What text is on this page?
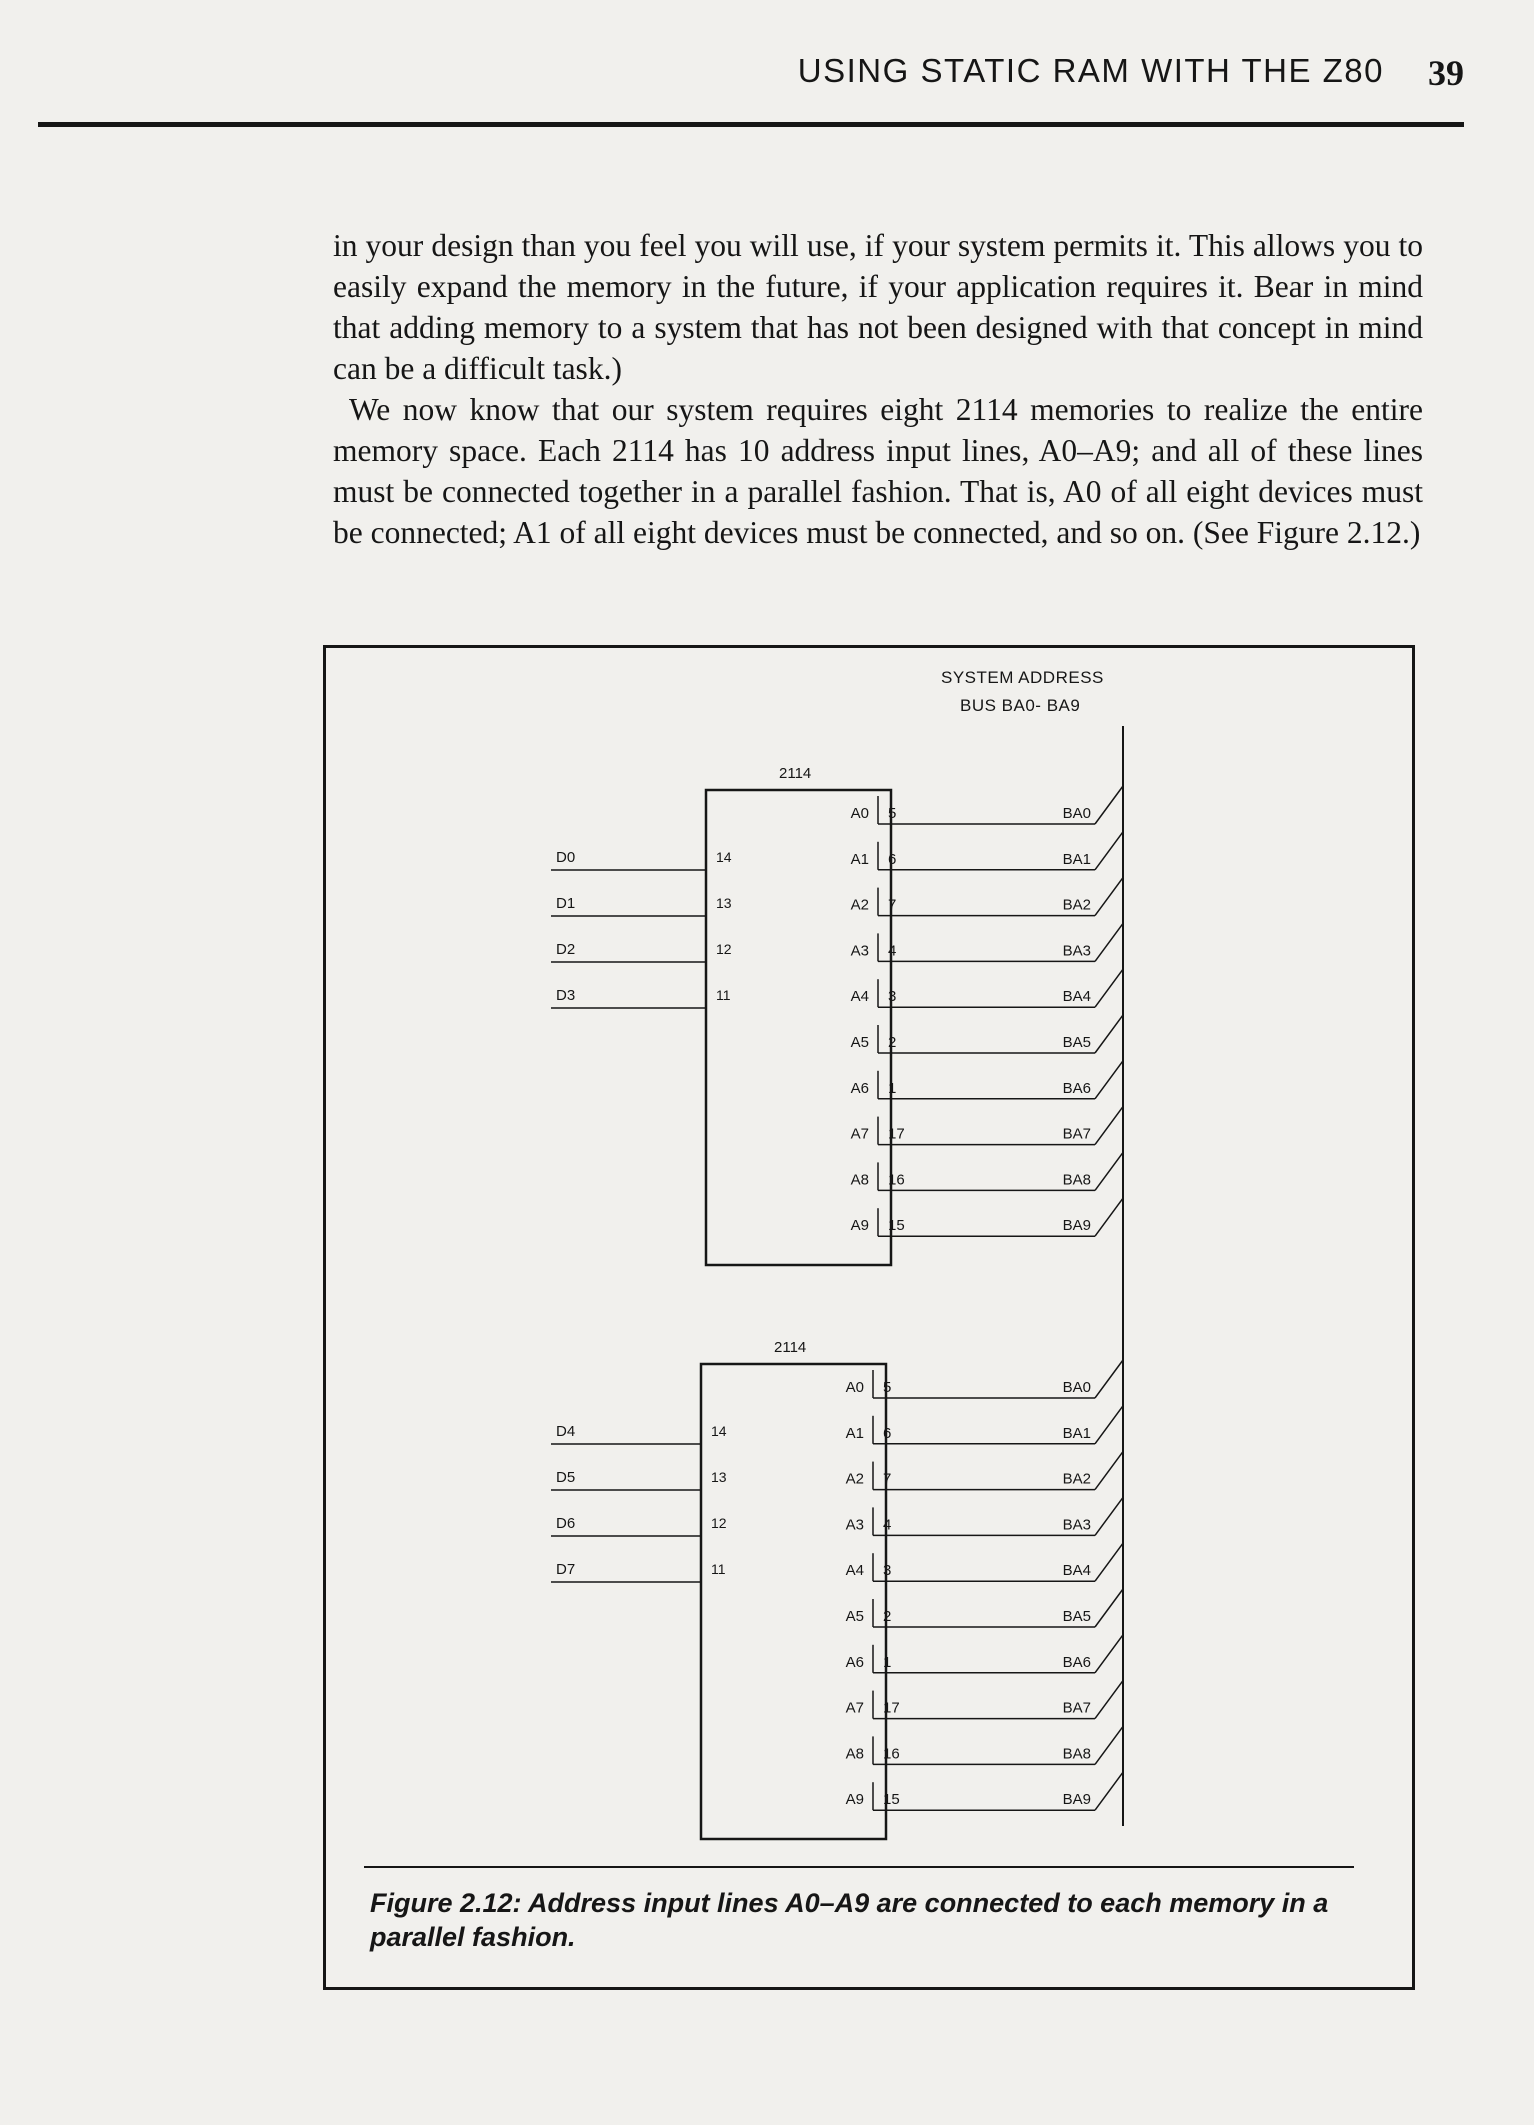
USING STATIC RAM WITH THE Z80 39

in your design than you feel you will use, if your system permits it. This allows you to easily expand the memory in the future, if your application requires it. Bear in mind that adding memory to a system that has not been designed with that concept in mind can be a difficult task.)

We now know that our system requires eight 2114 memories to realize the entire memory space. Each 2114 has 10 address input lines, A0–A9; and all of these lines must be connected together in a parallel fashion. That is, A0 of all eight devices must be connected; A1 of all eight devices must be connected, and so on. (See Figure 2.12.)

SYSTEM ADDRESS
BUS BA0- BA9
2114
A0 5	BA0
A1 6	BA1
A2 7	BA2
A3 4	BA3
A4 3	BA4
A5 2	BA5
A6 1	BA6
A7 17	BA7
A8 16	BA8
A9 15	BA9
D0	14
D1	13
D2	12
D3	11
2114
A0 5	BA0
A1 6	BA1
A2 7	BA2
A3 4	BA3
A4 3	BA4
A5 2	BA5
A6 1	BA6
A7 17	BA7
A8 16	BA8
A9 15	BA9
D4	14
D5	13
D6	12
D7	11
Figure 2.12: Address input lines A0–A9 are connected to each memory in a parallel fashion.
